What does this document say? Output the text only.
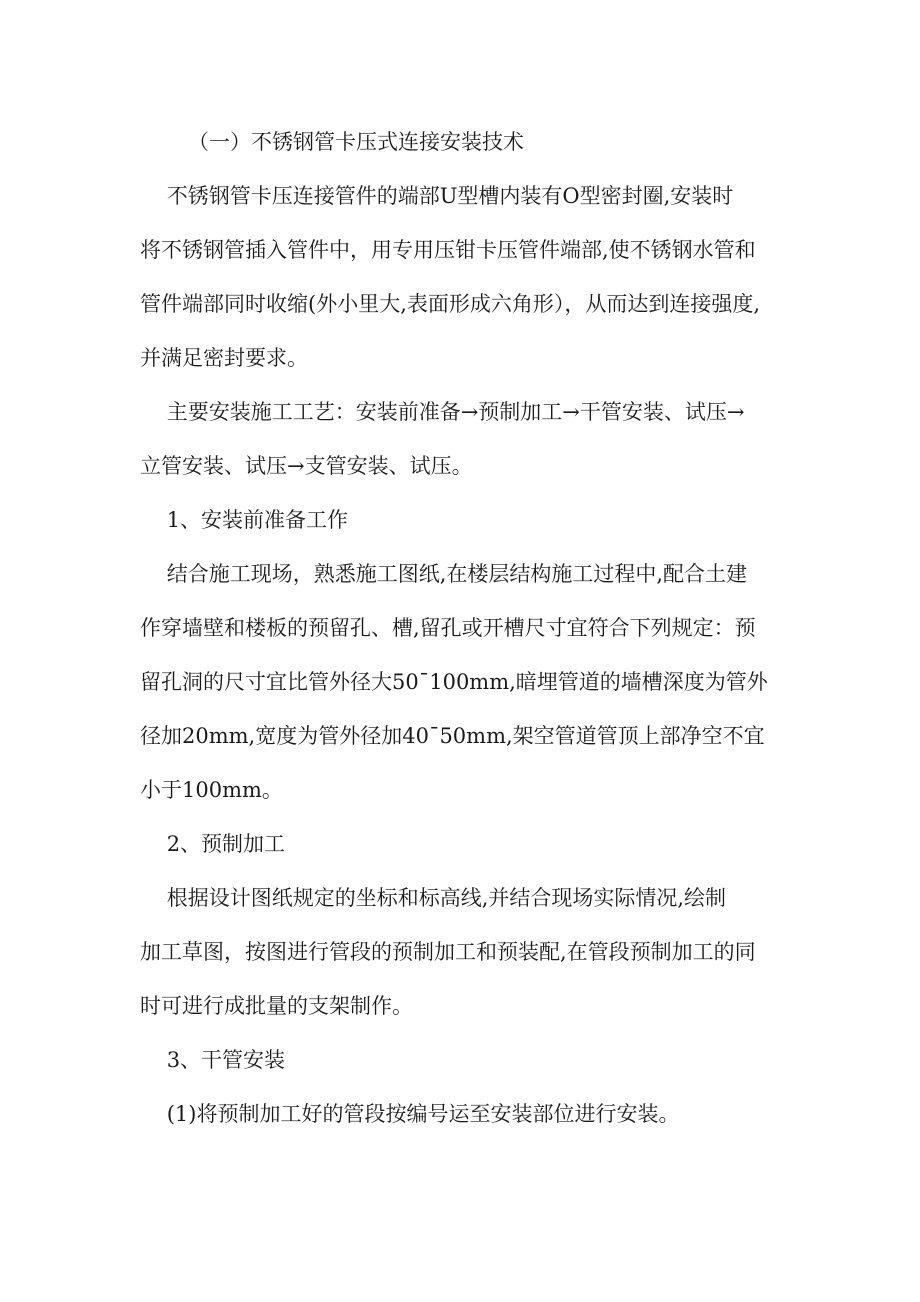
（一）不锈钢管卡压式连接安装技术

不锈钢管卡压连接管件的端部U型槽内装有O型密封圈,安装时

将不锈钢管插入管件中，用专用压钳卡压管件端部,使不锈钢水管和

管件端部同时收缩(外小里大,表面形成六角形），从而达到连接强度,

并满足密封要求。

主要安装施工工艺：安装前准备→预制加工→干管安装、试压→

立管安装、试压→支管安装、试压。

1、安装前准备工作

结合施工现场，熟悉施工图纸,在楼层结构施工过程中,配合土建

作穿墙壁和楼板的预留孔、槽,留孔或开槽尺寸宜符合下列规定：预

留孔洞的尺寸宜比管外径大50¯100mm,暗埋管道的墙槽深度为管外

径加20mm,宽度为管外径加40¯50mm,架空管道管顶上部净空不宜

小于100mm。

2、预制加工

根据设计图纸规定的坐标和标高线,并结合现场实际情况,绘制

加工草图，按图进行管段的预制加工和预装配,在管段预制加工的同

时可进行成批量的支架制作。

3、干管安装

(1)将预制加工好的管段按编号运至安装部位进行安装。
